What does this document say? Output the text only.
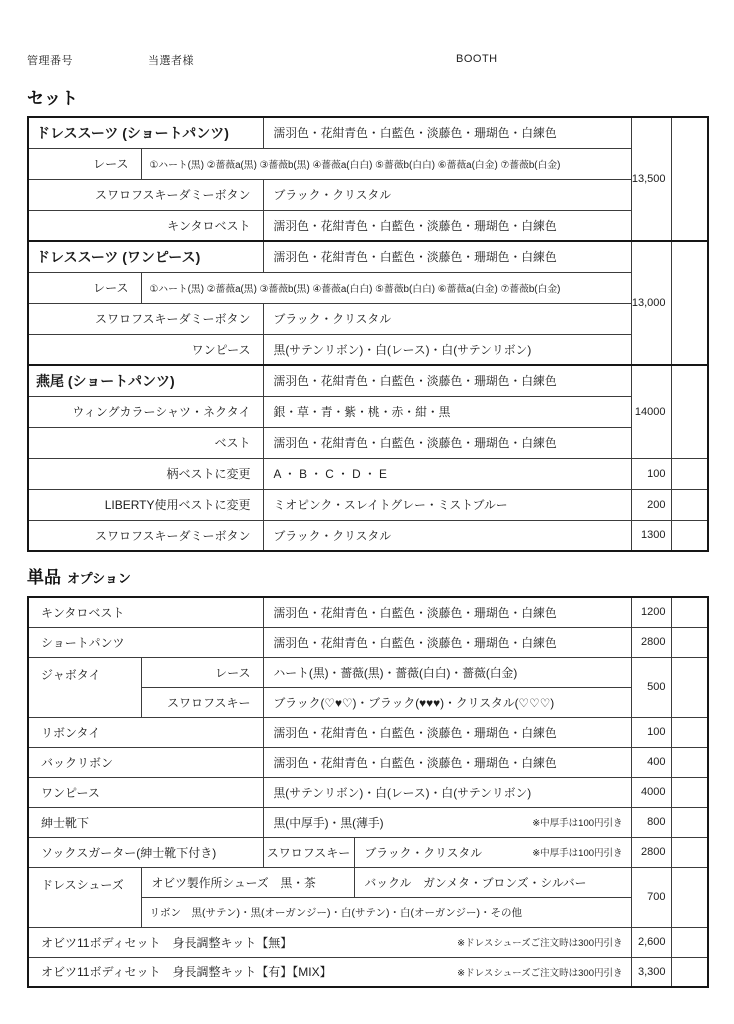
管理番号	当選者様	BOOTH
セット
ドレススーツ (ショートパンツ)		濡羽色・花紺青色・白藍色・淡藤色・珊瑚色・白練色	13,500	
レース	①ハート(黒) ②薔薇a(黒) ③薔薇b(黒) ④薔薇a(白白) ⑤薔薇b(白白) ⑥薔薇a(白金) ⑦薔薇b(白金)			
スワロフスキーダミーボタン		ブラック・クリスタル		
キンタロベスト		濡羽色・花紺青色・白藍色・淡藤色・珊瑚色・白練色		
ドレススーツ (ワンピース)		濡羽色・花紺青色・白藍色・淡藤色・珊瑚色・白練色	13,000	
レース	①ハート(黒) ②薔薇a(黒) ③薔薇b(黒) ④薔薇a(白白) ⑤薔薇b(白白) ⑥薔薇a(白金) ⑦薔薇b(白金)			
スワロフスキーダミーボタン		ブラック・クリスタル		
ワンピース		黒(サテンリボン)・白(レース)・白(サテンリボン)		
燕尾 (ショートパンツ)		濡羽色・花紺青色・白藍色・淡藤色・珊瑚色・白練色	14000	
ウィングカラーシャツ・ネクタイ		銀・草・青・紫・桃・赤・紺・黒		
ベスト		濡羽色・花紺青色・白藍色・淡藤色・珊瑚色・白練色		
柄ベストに変更		A ・ B ・ C ・ D ・ E	100	
LIBERTY使用ベストに変更		ミオピンク・スレイトグレー・ミストブルー	200	
スワロフスキーダミーボタン		ブラック・クリスタル	1300	
単品 オプション
キンタロベスト		濡羽色・花紺青色・白藍色・淡藤色・珊瑚色・白練色		1200	
ショートパンツ		濡羽色・花紺青色・白藍色・淡藤色・珊瑚色・白練色		2800	
ジャボタイ	レース	ハート(黒)・薔薇(黒)・薔薇(白白)・薔薇(白金)		500	
	スワロフスキー	ブラック(♡♥♡)・ブラック(♥♥♥)・クリスタル(♡♡♡)			
リボンタイ		濡羽色・花紺青色・白藍色・淡藤色・珊瑚色・白練色		100	
バックリボン		濡羽色・花紺青色・白藍色・淡藤色・珊瑚色・白練色		400	
ワンピース		黒(サテンリボン)・白(レース)・白(サテンリボン)		4000	
紳士靴下		黒(中厚手)・黒(薄手) ※中厚手は100円引き		800	
ソックスガーター(紳士靴下付き)		スワロフスキー	ブラック・クリスタル ※中厚手は100円引き	2800	
ドレスシューズ	オビツ製作所シューズ　黒・茶		バックル　ガンメタ・ブロンズ・シルバー	700	
	リボン　黒(サテン)・黒(オーガンジー)・白(サテン)・白(オーガンジー)・その他				
オビツ11ボディセット　身長調整キット【無】 ※ドレスシューズご注文時は300円引き				2,600	
オビツ11ボディセット　身長調整キット【有】【MIX】 ※ドレスシューズご注文時は300円引き				3,300	
